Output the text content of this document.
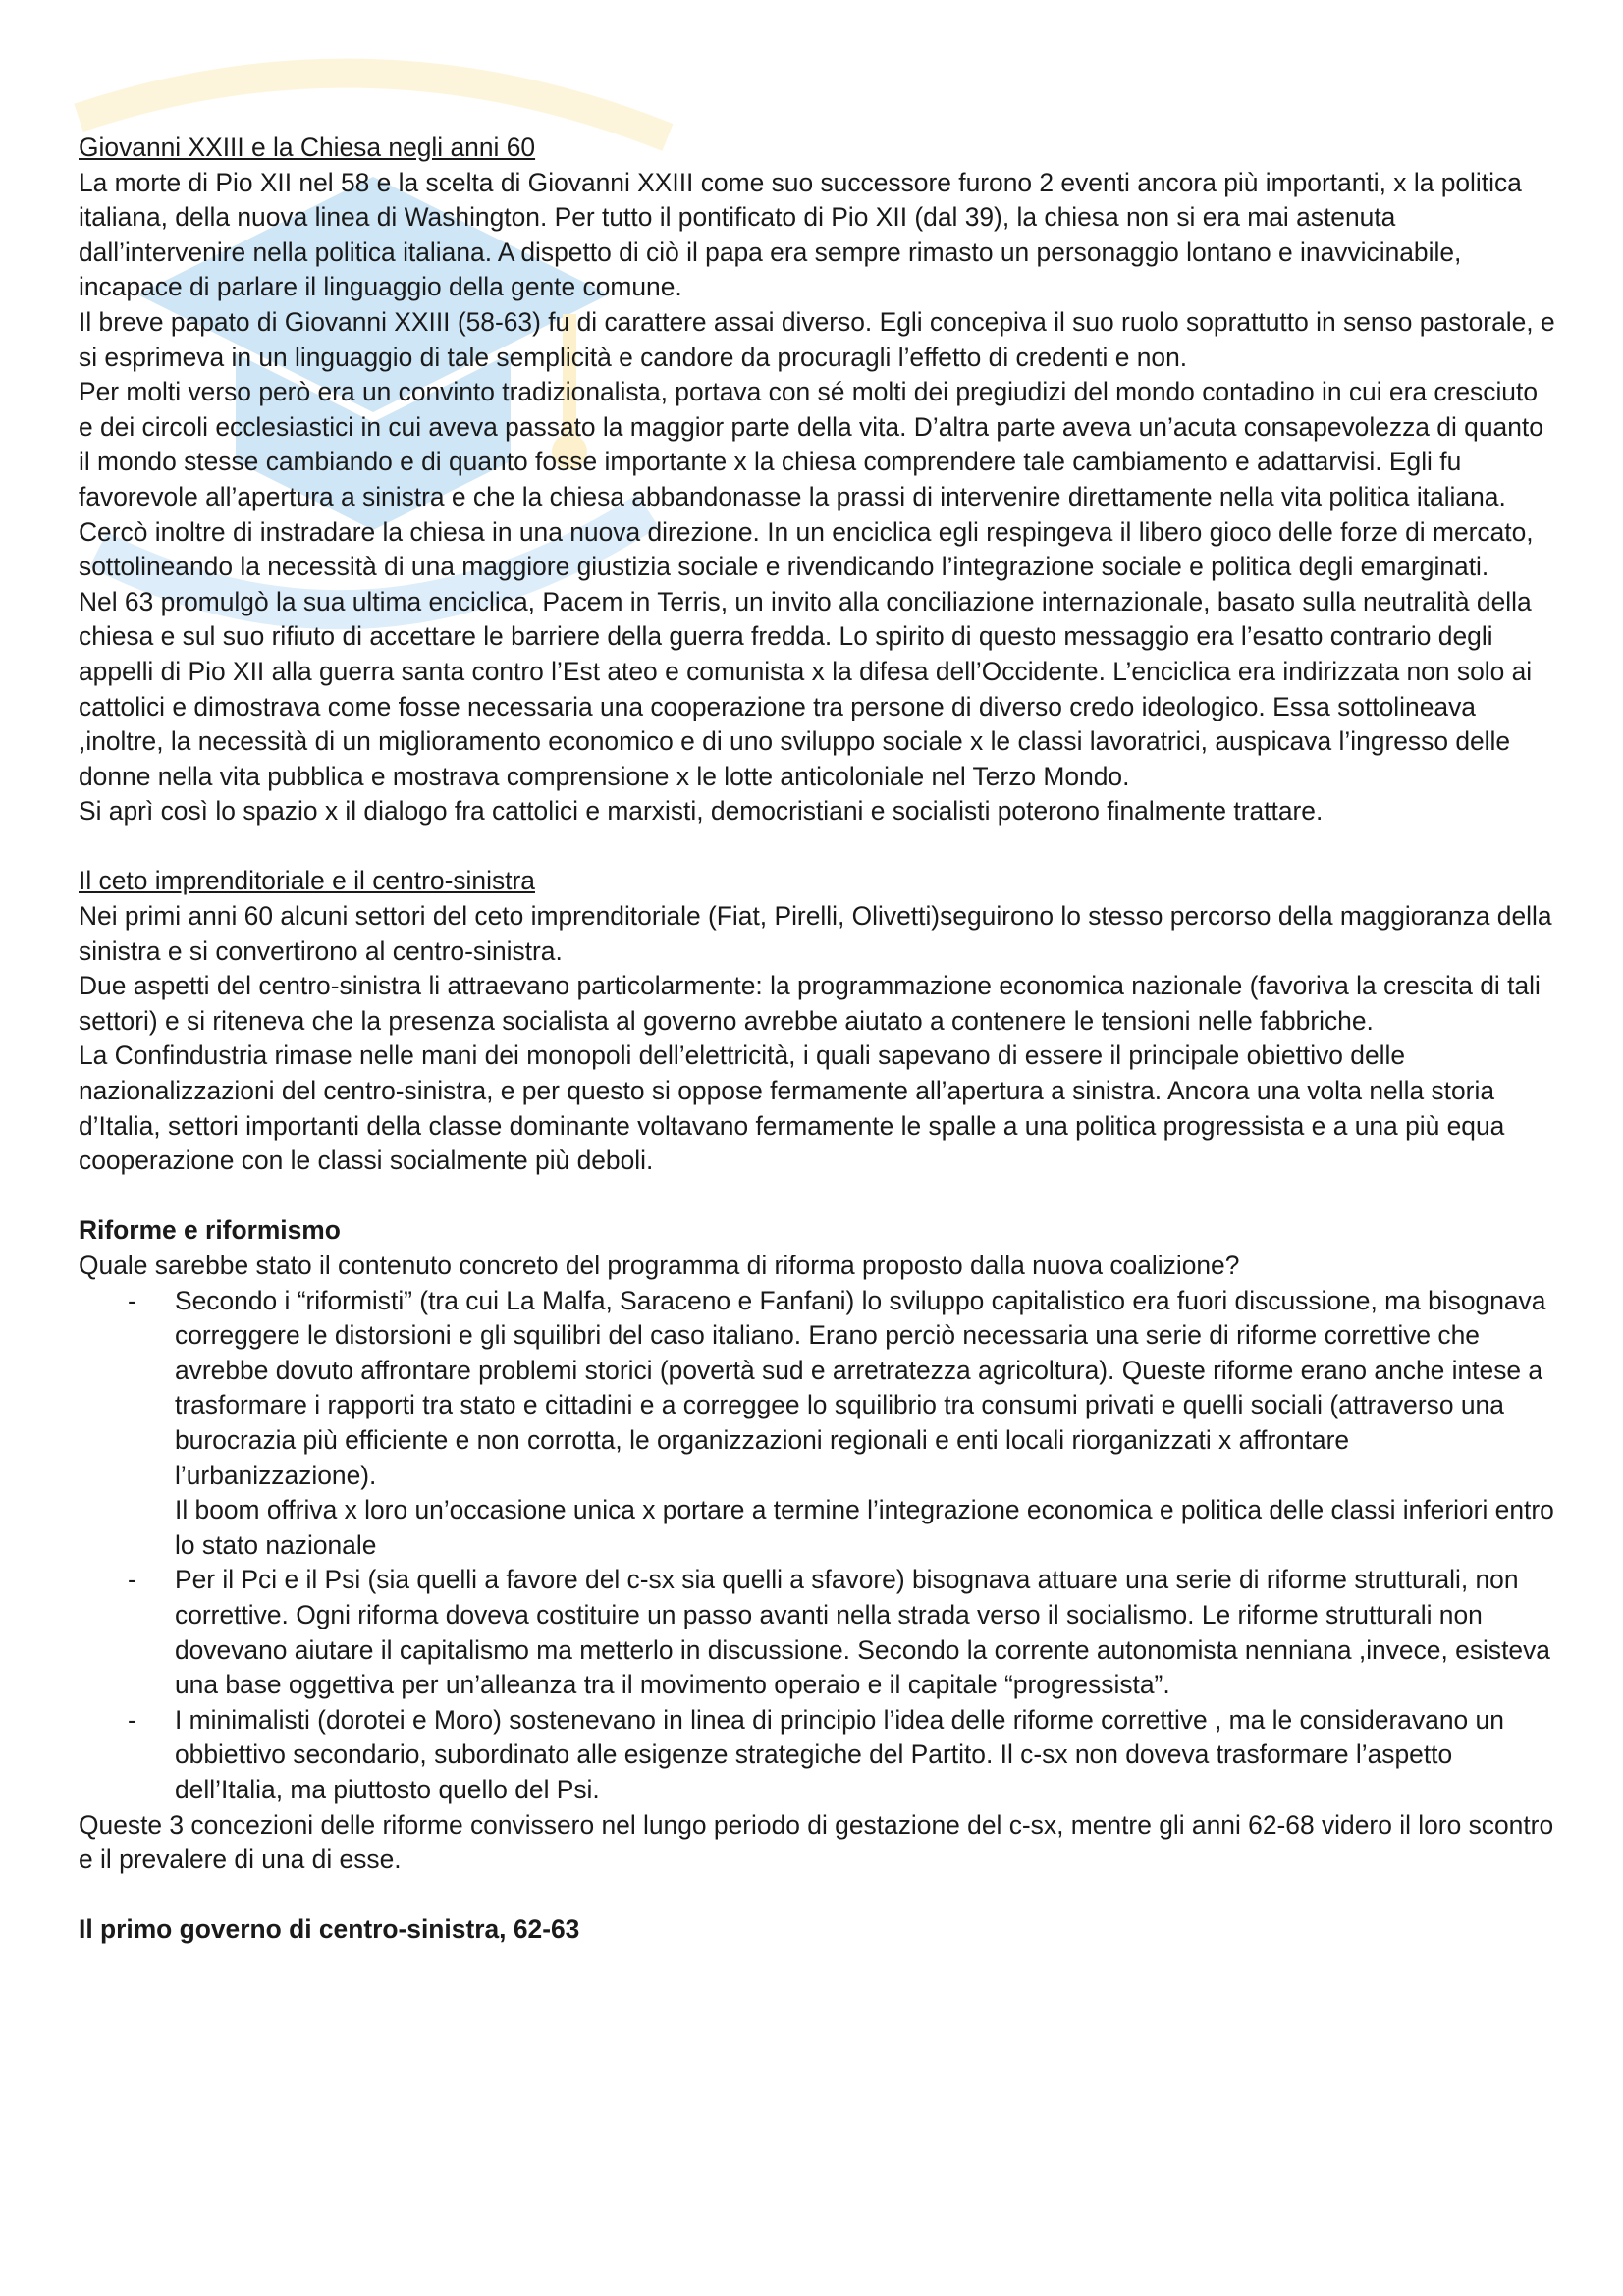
Giovanni XXIII e la Chiesa negli anni 60

La morte di Pio XII nel 58 e la scelta di Giovanni XXIII come suo successore furono 2 eventi ancora più importanti, x la politica italiana, della nuova linea di Washington. Per tutto il pontificato di Pio XII (dal 39), la chiesa non si era mai astenuta dall’intervenire nella politica italiana. A dispetto di ciò il papa era sempre rimasto un personaggio lontano e inavvicinabile, incapace di parlare il linguaggio della gente comune.

Il breve papato di Giovanni XXIII (58-63) fu di carattere assai diverso. Egli concepiva il suo ruolo soprattutto in senso pastorale, e si esprimeva in un linguaggio di tale semplicità e candore da procuragli l’effetto di credenti e non.

Per molti verso però era un convinto tradizionalista, portava con sé molti dei pregiudizi del mondo contadino in cui era cresciuto e dei circoli ecclesiastici in cui aveva passato la maggior parte della vita. D’altra parte aveva un’acuta consapevolezza di quanto il mondo stesse cambiando e di quanto fosse importante x la chiesa comprendere tale cambiamento e adattarvisi. Egli fu favorevole all’apertura a sinistra e che la chiesa abbandonasse la prassi di intervenire direttamente nella vita politica italiana. Cercò inoltre di instradare la chiesa in una nuova direzione. In un enciclica egli respingeva il libero gioco delle forze di mercato, sottolineando la necessità di una maggiore giustizia sociale e rivendicando l’integrazione sociale e politica degli emarginati.

Nel 63 promulgò la sua ultima enciclica, Pacem in Terris, un invito alla conciliazione internazionale, basato sulla neutralità della chiesa e sul suo rifiuto di accettare le barriere della guerra fredda. Lo spirito di questo messaggio era l’esatto contrario degli appelli di Pio XII alla guerra santa contro l’Est ateo e comunista x la difesa dell’Occidente. L’enciclica era indirizzata non solo ai cattolici e dimostrava come fosse necessaria una cooperazione tra persone di diverso credo ideologico. Essa sottolineava ,inoltre, la necessità di un miglioramento economico e di uno sviluppo sociale x le classi lavoratrici, auspicava l’ingresso delle donne nella vita pubblica e mostrava comprensione x le lotte anticoloniale nel Terzo Mondo.

Si aprì così lo spazio x il dialogo fra cattolici e marxisti, democristiani e socialisti poterono finalmente trattare.

Il ceto imprenditoriale e il centro-sinistra

Nei primi anni 60 alcuni settori del ceto imprenditoriale (Fiat, Pirelli, Olivetti)seguirono lo stesso percorso della maggioranza della sinistra e si convertirono al centro-sinistra.

Due aspetti del centro-sinistra li attraevano particolarmente: la programmazione economica nazionale (favoriva la crescita di tali settori) e si riteneva che la presenza socialista al governo avrebbe aiutato a contenere le tensioni nelle fabbriche.

La Confindustria rimase nelle mani dei monopoli dell’elettricità, i quali sapevano di essere il principale obiettivo delle nazionalizzazioni del centro-sinistra, e per questo si oppose fermamente all’apertura a sinistra. Ancora una volta nella storia d’Italia, settori importanti della classe dominante voltavano fermamente le spalle a una politica progressista e a una più equa cooperazione con le classi socialmente più deboli.

Riforme e riformismo

Quale sarebbe stato il contenuto concreto del programma di riforma proposto dalla nuova coalizione?

- Secondo i “riformisti” (tra cui La Malfa, Saraceno e Fanfani) lo sviluppo capitalistico era fuori discussione, ma bisognava correggere le distorsioni e gli squilibri del caso italiano. Erano perciò necessaria una serie di riforme correttive che avrebbe dovuto affrontare problemi storici (povertà sud e arretratezza agricoltura). Queste riforme erano anche intese a trasformare i rapporti tra stato e cittadini e a correggee lo squilibrio tra consumi privati e quelli sociali (attraverso una burocrazia più efficiente e non corrotta, le organizzazioni regionali e enti locali riorganizzati x affrontare l’urbanizzazione).
Il boom offriva x loro un’occasione unica x portare a termine l’integrazione economica e politica delle classi inferiori entro lo stato nazionale
- Per il Pci e il Psi (sia quelli a favore del c-sx sia quelli a sfavore) bisognava attuare una serie di riforme strutturali, non correttive. Ogni riforma doveva costituire un passo avanti nella strada verso il socialismo. Le riforme strutturali non dovevano aiutare il capitalismo ma metterlo in discussione. Secondo la corrente autonomista nenniana ,invece, esisteva una base oggettiva per un’alleanza tra il movimento operaio e il capitale “progressista”.
- I minimalisti (dorotei e Moro) sostenevano in linea di principio l’idea delle riforme correttive , ma le consideravano un obbiettivo secondario, subordinato alle esigenze strategiche del Partito. Il c-sx non doveva trasformare l’aspetto dell’Italia, ma piuttosto quello del Psi.

Queste 3 concezioni delle riforme convissero nel lungo periodo di gestazione del c-sx, mentre gli anni 62-68 videro il loro scontro e il prevalere di una di esse.

Il primo governo di centro-sinistra, 62-63
